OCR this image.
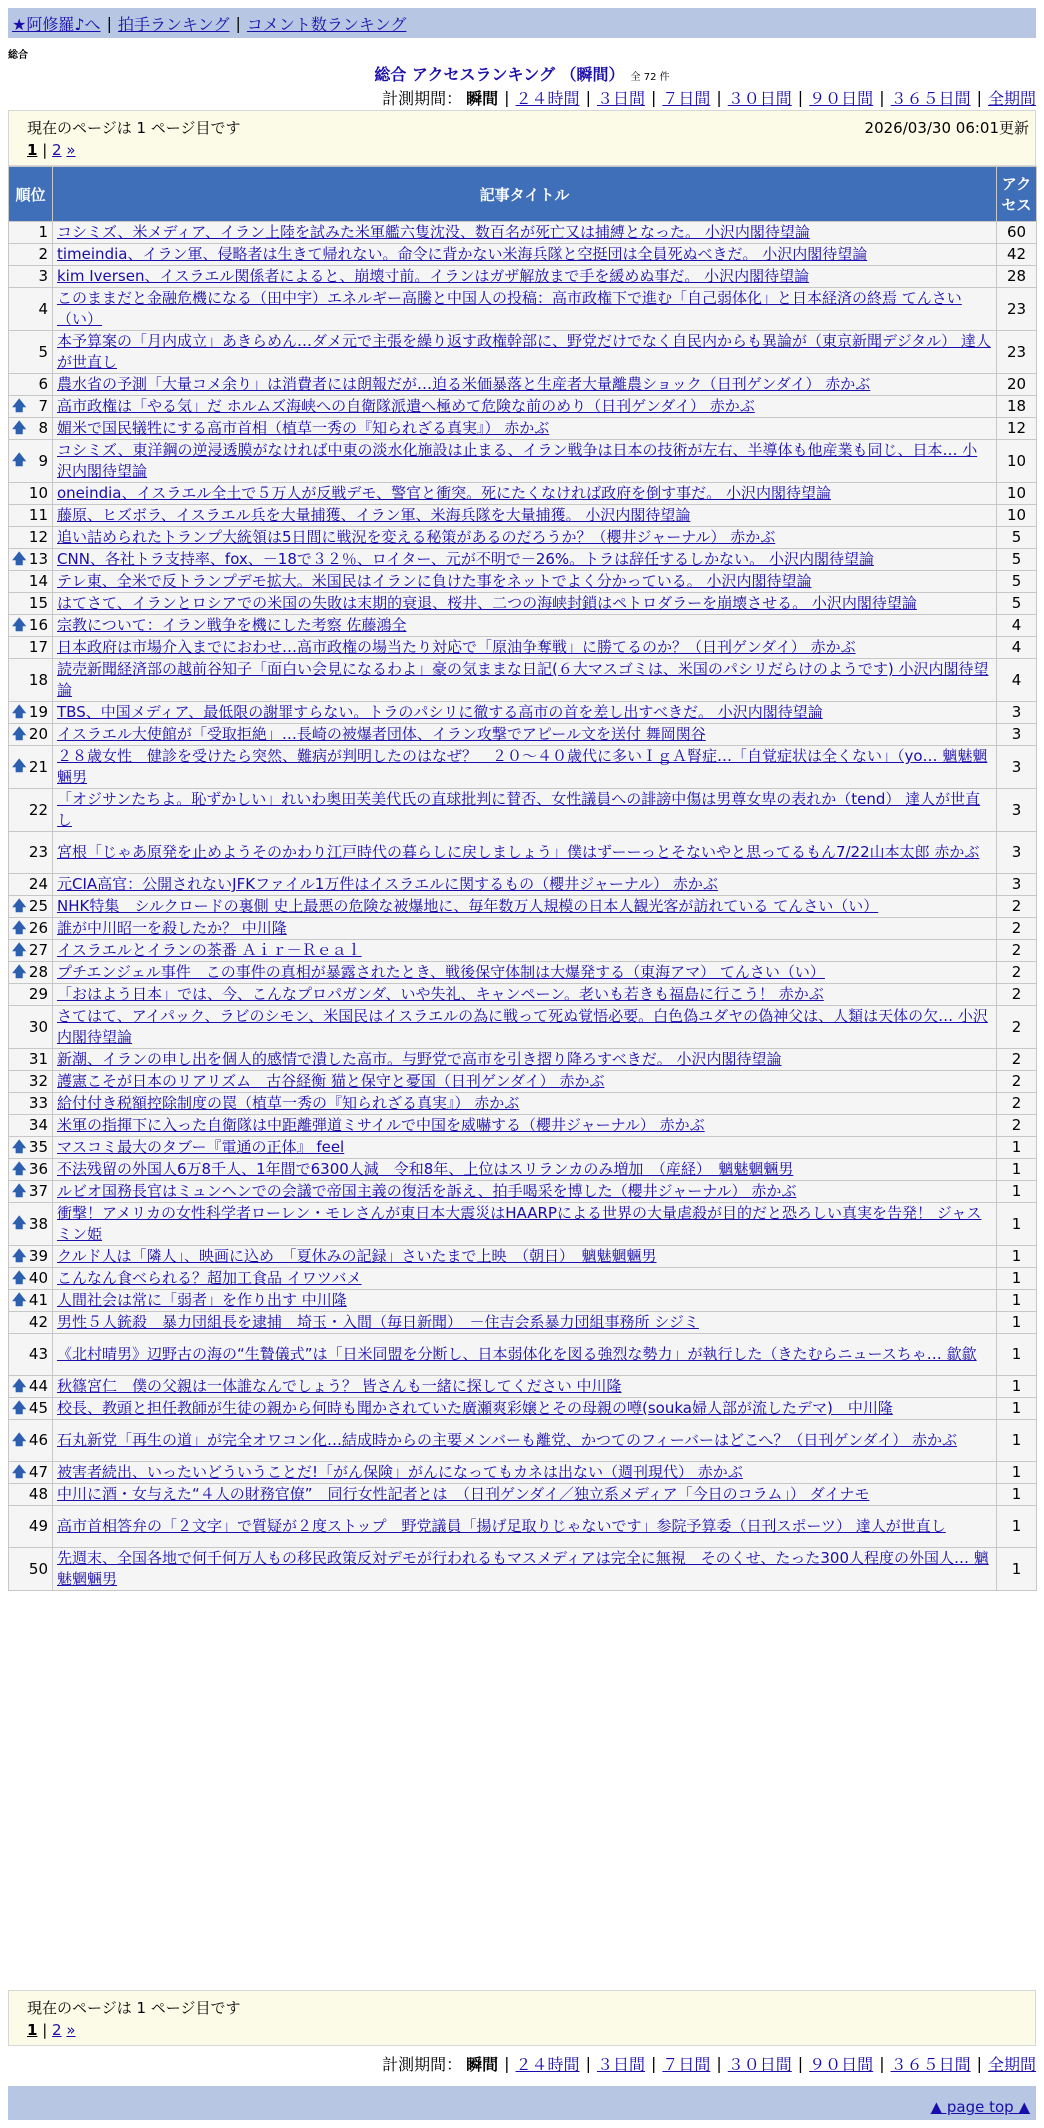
★阿修羅♪へ | 拍手ランキング | コメント数ランキング
総合
総合 アクセスランキング （瞬間） 全 72 件
計測期間： 瞬間 | ２４時間 | ３日間 | ７日間 | ３０日間 | ９０日間 | ３６５日間 | 全期間
現在のページは 1 ページ目です	2026/03/30 06:01更新
1 | 2 »
順位	記事タイトル	アクセス
1	コシミズ、米メディア、イラン上陸を試みた米軍艦六隻沈没、数百名が死亡又は捕縛となった。 小沢内閣待望論	60
2	timeindia、イラン軍、侵略者は生きて帰れない。命令に背かない米海兵隊と空挺団は全員死ぬべきだ。 小沢内閣待望論	42
3	kim Iversen、イスラエル関係者によると、崩壊寸前。イランはガザ解放まで手を緩めぬ事だ。 小沢内閣待望論	28
4	このままだと金融危機になる（田中宇）エネルギー高騰と中国人の投稿：高市政権下で進む「自己弱体化」と日本経済の終焉 てんさい（い）	23
5	本予算案の「月内成立」あきらめん…ダメ元で主張を繰り返す政権幹部に、野党だけでなく自民内からも異論が（東京新聞デジタル） 達人が世直し	23
6	農水省の予測「大量コメ余り」は消費者には朗報だが…迫る米価暴落と生産者大量離農ショック（日刊ゲンダイ） 赤かぶ	20

🡅 7	高市政権は「やる気」だ ホルムズ海峡への自衛隊派遣へ極めて危険な前のめり（日刊ゲンダイ） 赤かぶ	18

🡅 8	媚米で国民犠牲にする高市首相（植草一秀の『知られざる真実』） 赤かぶ	12

🡅 9	コシミズ、東洋鋼の逆浸透膜がなければ中東の淡水化施設は止まる、イラン戦争は日本の技術が左右、半導体も他産業も同じ、日本… 小沢内閣待望論	10
10	oneindia、イスラエル全土で５万人が反戦デモ、警官と衝突。死にたくなければ政府を倒す事だ。 小沢内閣待望論	10
11	藤原、ヒズボラ、イスラエル兵を大量捕獲、イラン軍、米海兵隊を大量捕獲。 小沢内閣待望論	10
12	追い詰められたトランプ大統領は5日間に戦況を変える秘策があるのだろうか？（櫻井ジャーナル） 赤かぶ	5

🡅 13	CNN、各社トラ支持率、fox、－18で３２％、ロイター、元が不明で－26%。トラは辞任するしかない。 小沢内閣待望論	5
14	テレ東、全米で反トランプデモ拡大。米国民はイランに負けた事をネットでよく分かっている。 小沢内閣待望論	5
15	はてさて、イランとロシアでの米国の失敗は末期的衰退、桜井、二つの海峡封鎖はペトロダラーを崩壊させる。 小沢内閣待望論	5

🡅 16	宗教について：イラン戦争を機にした考察 佐藤鴻全	4
17	日本政府は市場介入までにおわせ…高市政権の場当たり対応で「原油争奪戦」に勝てるのか？（日刊ゲンダイ） 赤かぶ	4
18	読売新聞経済部の越前谷知子「面白い会見になるわよ」豪の気ままな日記(６大マスゴミは、米国のパシリだらけのようです) 小沢内閣待望論	4

🡅 19	TBS、中国メディア、最低限の謝罪すらない。トラのパシリに徹する高市の首を差し出すべきだ。 小沢内閣待望論	3

🡅 20	イスラエル大使館が「受取拒絶」…長崎の被爆者団体、イラン攻撃でアピール文を送付 舞岡関谷	3

🡅 21	２８歳女性　健診を受けたら突然、難病が判明したのはなぜ？　２０～４０歳代に多いＩｇＡ腎症…「自覚症状は全くない」（yo… 魑魅魍魎男	3
22	「オジサンたちよ。恥ずかしい」れいわ奥田芙美代氏の直球批判に賛否、女性議員への誹謗中傷は男尊女卑の表れか（tend） 達人が世直し	3
23	宮根「じゃあ原発を止めようそのかわり江戸時代の暮らしに戻しましょう」僕はずーーっとそないやと思ってるもん7/22山本太郎 赤かぶ	3
24	元CIA高官：公開されないJFKファイル1万件はイスラエルに関するもの（櫻井ジャーナル） 赤かぶ	3

🡅 25	NHK特集　シルクロードの裏側 史上最悪の危険な被爆地に、毎年数万人規模の日本人観光客が訪れている てんさい（い）	2

🡅 26	誰が中川昭一を殺したか？ 中川隆	2

🡅 27	イスラエルとイランの茶番 Ａｉｒ－Ｒｅａｌ	2

🡅 28	プチエンジェル事件　この事件の真相が暴露されたとき、戦後保守体制は大爆発する（東海アマ） てんさい（い）	2
29	「おはよう日本」では、今、こんなプロパガンダ、いや失礼、キャンペーン。老いも若きも福島に行こう！ 赤かぶ	2
30	さてはて、アイパック、ラビのシモン、米国民はイスラエルの為に戦って死ぬ覚悟必要。白色偽ユダヤの偽神父は、人類は天体の欠… 小沢内閣待望論	2
31	新潮、イランの申し出を個人的感情で潰した高市。与野党で高市を引き摺り降ろすべきだ。 小沢内閣待望論	2
32	護憲こそが日本のリアリズム　古谷経衡 猫と保守と憂国（日刊ゲンダイ） 赤かぶ	2
33	給付付き税額控除制度の罠（植草一秀の『知られざる真実』） 赤かぶ	2
34	米軍の指揮下に入った自衛隊は中距離弾道ミサイルで中国を威嚇する（櫻井ジャーナル） 赤かぶ	2

🡅 35	マスコミ最大のタブー『電通の正体』 feel	1

🡅 36	不法残留の外国人6万8千人、1年間で6300人減　令和8年、上位はスリランカのみ増加　（産経）　魑魅魍魎男	1

🡅 37	ルビオ国務長官はミュンヘンでの会議で帝国主義の復活を訴え、拍手喝采を博した（櫻井ジャーナル） 赤かぶ	1

🡅 38	衝撃！アメリカの女性科学者ローレン・モレさんが東日本大震災はHAARPによる世界の大量虐殺が目的だと恐ろしい真実を告発！ ジャスミン姫	1

🡅 39	クルド人は「隣人」、映画に込め　「夏休みの記録」さいたまで上映　（朝日）　魑魅魍魎男	1

🡅 40	こんなん食べられる？超加工食品 イワツバメ	1

🡅 41	人間社会は常に「弱者」を作り出す 中川隆	1
42	男性５人銃殺　暴力団組長を逮捕　埼玉・入間（毎日新聞）　－住吉会系暴力団組事務所 シジミ	1
43	《北村晴男》辺野古の海の“生贄儀式”は「日米同盟を分断し、日本弱体化を図る強烈な勢力」が執行した（きたむらニュースちゃ… 歙歙	1

🡅 44	秋篠宮仁　僕の父親は一体誰なんでしょう？ 皆さんも一緒に探してください 中川隆	1

🡅 45	校長、教頭と担任教師が生徒の親から何時も聞かされていた廣瀬爽彩嬢とその母親の噂(souka婦人部が流したデマ)　中川隆	1

🡅 46	石丸新党「再生の道」が完全オワコン化…結成時からの主要メンバーも離党、かつてのフィーバーはどこへ？（日刊ゲンダイ） 赤かぶ	1

🡅 47	被害者続出、いったいどういうことだ!「がん保険」がんになってもカネは出ない（週刊現代） 赤かぶ	1
48	中川に酒・女与えた“４人の財務官僚”　同行女性記者とは　（日刊ゲンダイ／独立系メディア「今日のコラム」） ダイナモ	1
49	高市首相答弁の「２文字」で質疑が２度ストップ　野党議員「揚げ足取りじゃないです」参院予算委（日刊スポーツ） 達人が世直し	1
50	先週末、全国各地で何千何万人もの移民政策反対デモが行われるもマスメディアは完全に無視　そのくせ、たった300人程度の外国人… 魑魅魍魎男	1
現在のページは 1 ページ目です
1 | 2 »
計測期間： 瞬間 | ２４時間 | ３日間 | ７日間 | ３０日間 | ９０日間 | ３６５日間 | 全期間
▲ page top ▲
